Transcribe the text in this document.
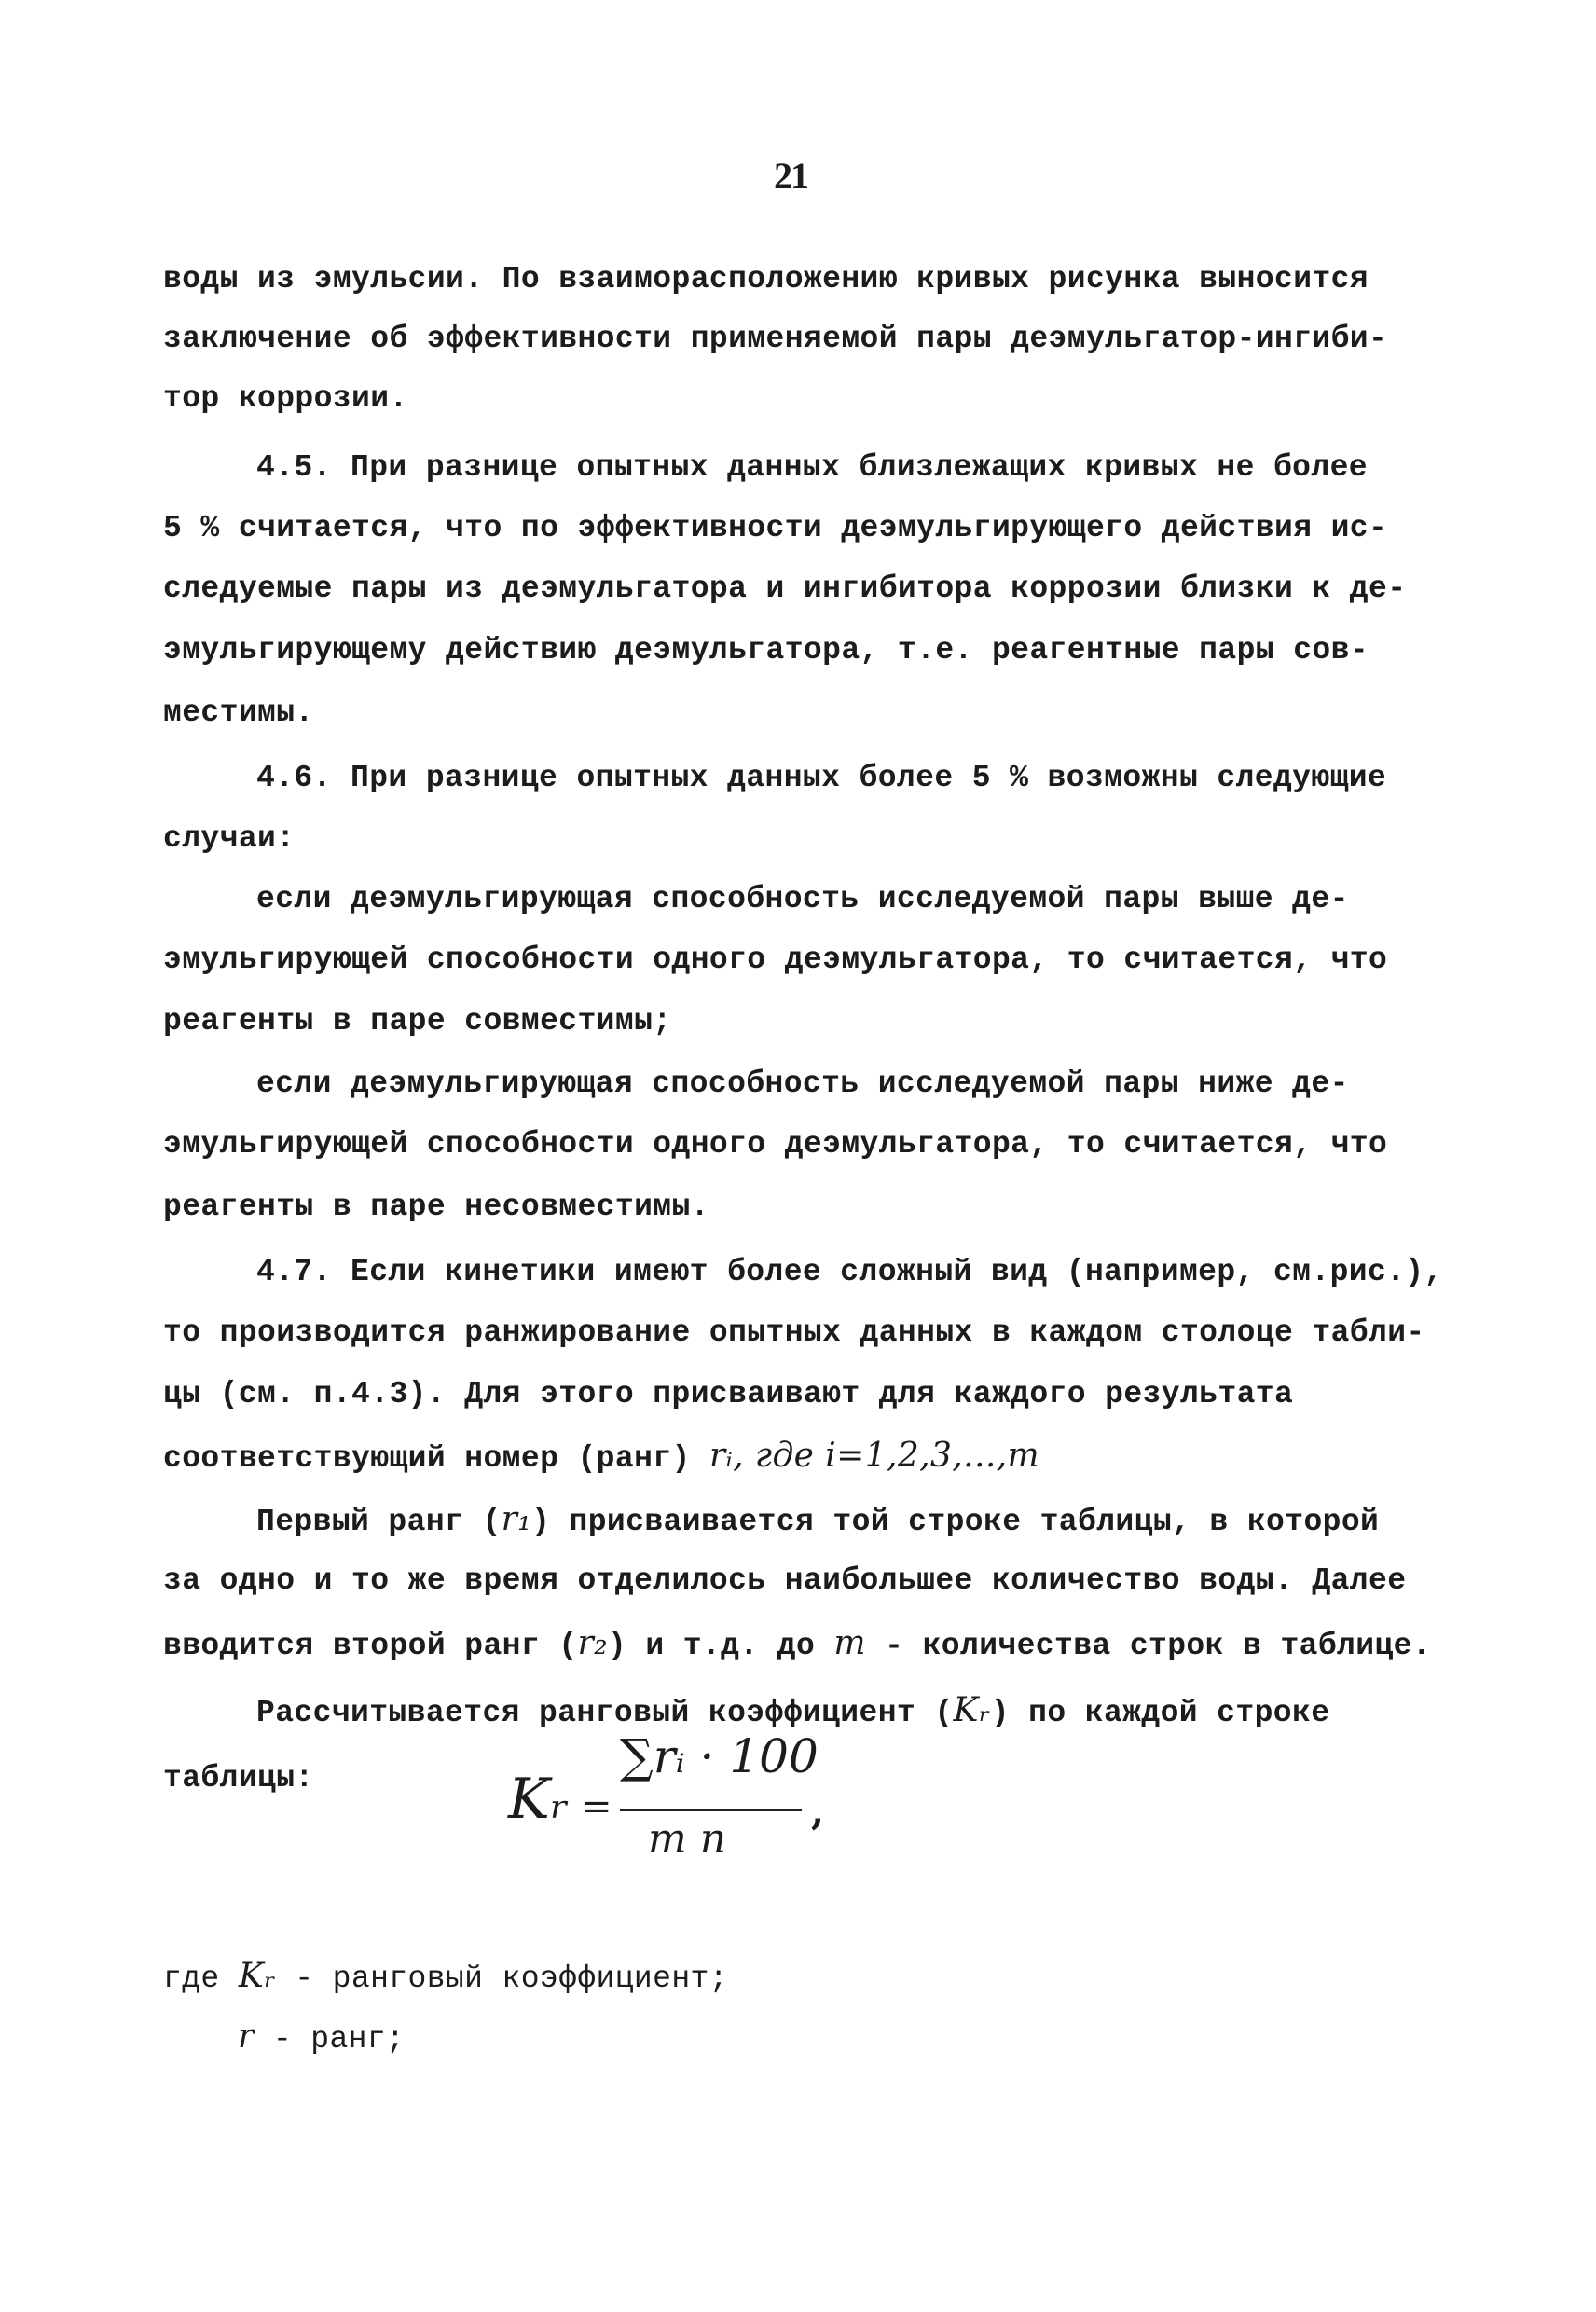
21
воды из эмульсии. По взаиморасположению кривых рисунка выносится
заключение об эффективности применяемой пары деэмульгатор-ингиби-
тор коррозии.
4.5. При разнице опытных данных близлежащих кривых не более
5 % считается, что по эффективности деэмульгирующего действия ис-
следуемые пары из деэмульгатора и ингибитора коррозии близки к де-
эмульгирующему действию деэмульгатора, т.е. реагентные пары сов-
местимы.
4.6. При разнице опытных данных более 5 % возможны следующие
случаи:
если деэмульгирующая способность исследуемой пары выше де-
эмульгирующей способности одного деэмульгатора, то считается, что
реагенты в паре совместимы;
если деэмульгирующая способность исследуемой пары ниже де-
эмульгирующей способности одного деэмульгатора, то считается, что
реагенты в паре несовместимы.
4.7. Если кинетики имеют более сложный вид (например, см.рис.),
то производится ранжирование опытных данных в каждом столоце табли-
цы (см. п.4.3). Для этого присваивают для каждого результата
соответствующий номер (ранг) rᵢ, где i=1,2,3,...,m
Первый ранг (r₁) присваивается той строке таблицы, в которой
за одно и то же время отделилось наибольшее количество воды. Далее
вводится второй ранг (r₂) и т.д. до m - количества строк в таблице.
Рассчитывается ранговый коэффициент (Kᵣ) по каждой строке
таблицы:	Kᵣ =
∑rᵢ · 100
m n
,
где Kᵣ - ранговый коэффициент;
r - ранг;
